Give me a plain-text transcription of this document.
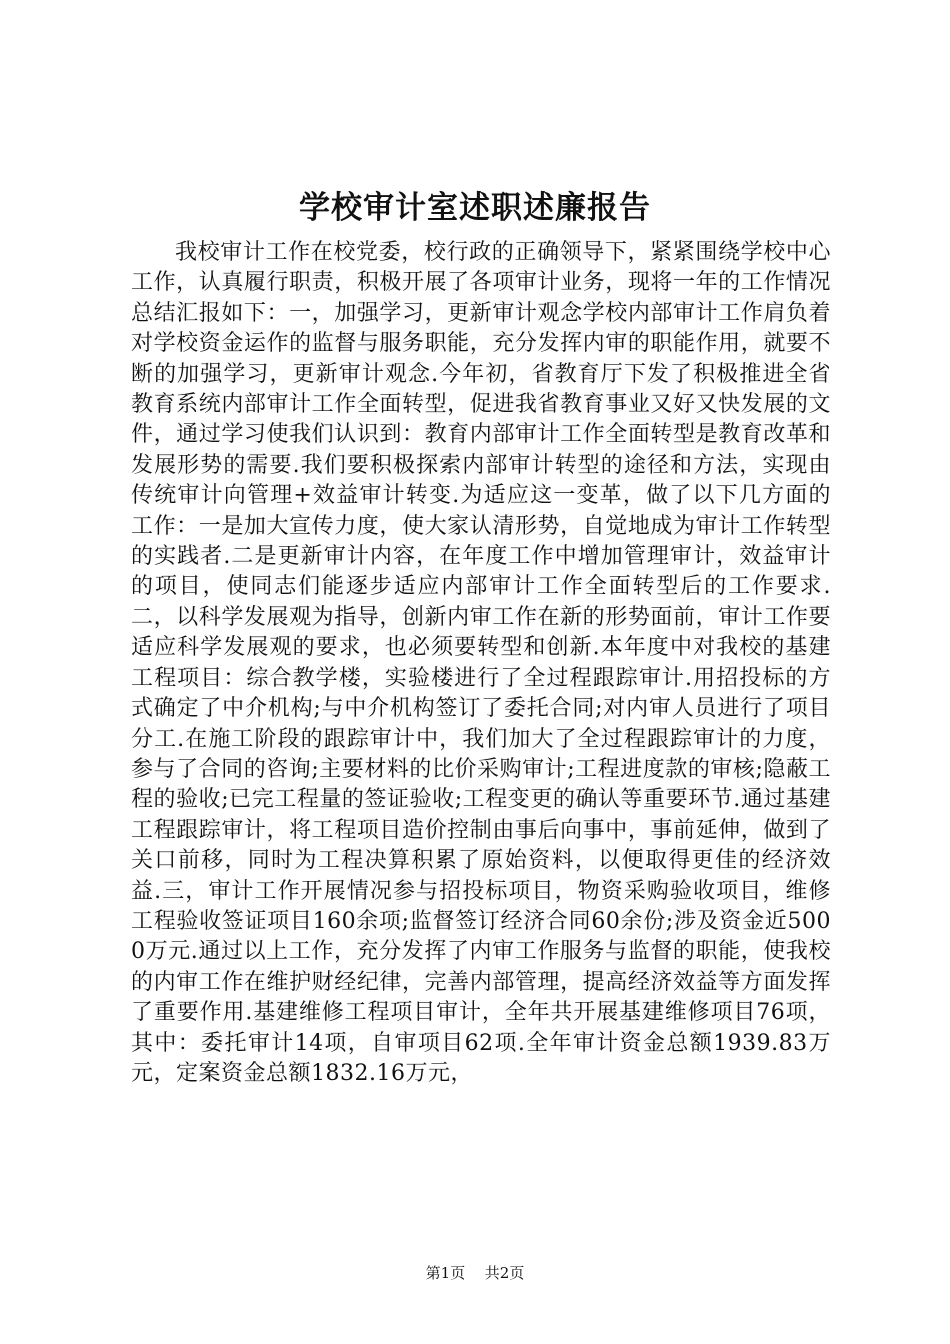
学校审计室述职述廉报告
我校审计工作在校党委，校行政的正确领导下，紧紧围绕学校中心工作，认真履行职责，积极开展了各项审计业务，现将一年的工作情况总结汇报如下：一，加强学习，更新审计观念学校内部审计工作肩负着对学校资金运作的监督与服务职能，充分发挥内审的职能作用，就要不断的加强学习，更新审计观念.今年初，省教育厅下发了积极推进全省教育系统内部审计工作全面转型，促进我省教育事业又好又快发展的文件，通过学习使我们认识到：教育内部审计工作全面转型是教育改革和发展形势的需要.我们要积极探索内部审计转型的途径和方法，实现由传统审计向管理+效益审计转变.为适应这一变革，做了以下几方面的工作：一是加大宣传力度，使大家认清形势，自觉地成为审计工作转型的实践者.二是更新审计内容，在年度工作中增加管理审计，效益审计的项目，使同志们能逐步适应内部审计工作全面转型后的工作要求.二，以科学发展观为指导，创新内审工作在新的形势面前，审计工作要适应科学发展观的要求，也必须要转型和创新.本年度中对我校的基建工程项目：综合教学楼，实验楼进行了全过程跟踪审计.用招投标的方式确定了中介机构;与中介机构签订了委托合同;对内审人员进行了项目分工.在施工阶段的跟踪审计中，我们加大了全过程跟踪审计的力度，参与了合同的咨询;主要材料的比价采购审计;工程进度款的审核;隐蔽工程的验收;已完工程量的签证验收;工程变更的确认等重要环节.通过基建工程跟踪审计，将工程项目造价控制由事后向事中，事前延伸，做到了关口前移，同时为工程决算积累了原始资料，以便取得更佳的经济效益.三，审计工作开展情况参与招投标项目，物资采购验收项目，维修工程验收签证项目160余项;监督签订经济合同60余份;涉及资金近5000万元.通过以上工作，充分发挥了内审工作服务与监督的职能，使我校的内审工作在维护财经纪律，完善内部管理，提高经济效益等方面发挥了重要作用.基建维修工程项目审计，全年共开展基建维修项目76项，其中：委托审计14项，自审项目62项.全年审计资金总额1939.83万元，定案资金总额1832.16万元，
第1页 共2页
